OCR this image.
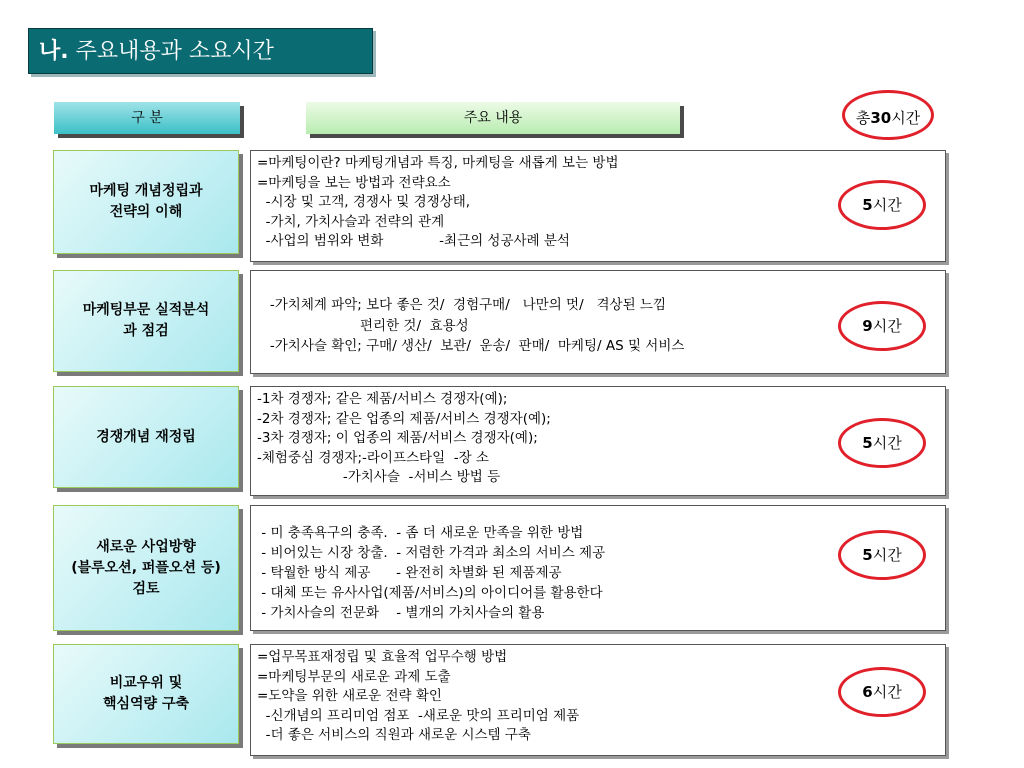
나. 주요내용과 소요시간
구 분	주요 내용	총30시간
마케팅 개념정립과
전략의 이해
=마케팅이란? 마케팅개념과 특징, 마케팅을 새롭게 보는 방법
=마케팅을 보는 방법과 전략요소
-시장 및 고객, 경쟁사 및 경쟁상태,
-가치, 가치사슬과 전략의 관계
-사업의 범위와 변화             -최근의 성공사례 분석
5시간
마케팅부문 실적분석
과 점검
-가치체계 파악; 보다 좋은 것/  경험구매/   나만의 멋/   격상된 느낌
편리한 것/  효용성
-가치사슬 확인; 구매/ 생산/  보관/  운송/  판매/  마케팅/ AS 및 서비스
9시간
경쟁개념 재정립
-1차 경쟁자; 같은 제품/서비스 경쟁자(예);
-2차 경쟁자; 같은 업종의 제품/서비스 경쟁자(예);
-3차 경쟁자; 이 업종의 제품/서비스 경쟁자(예);
-체험중심 경쟁자;-라이프스타일  -장 소
-가치사슬  -서비스 방법 등
5시간
새로운 사업방향
(블루오션, 퍼플오션 등)
검토
- 미 충족욕구의 충족.  - 좀 더 새로운 만족을 위한 방법
- 비어있는 시장 창출.  - 저렴한 가격과 최소의 서비스 제공
- 탁월한 방식 제공      - 완전히 차별화 된 제품제공
- 대체 또는 유사사업(제품/서비스)의 아이디어를 활용한다
- 가치사슬의 전문화    - 별개의 가치사슬의 활용
5시간
비교우위 및
핵심역량 구축
=업무목표재정립 및 효율적 업무수행 방법
=마케팅부문의 새로운 과제 도출
=도약을 위한 새로운 전략 확인
-신개념의 프리미엄 점포  -새로운 맛의 프리미엄 제품
-더 좋은 서비스의 직원과 새로운 시스템 구축
6시간
